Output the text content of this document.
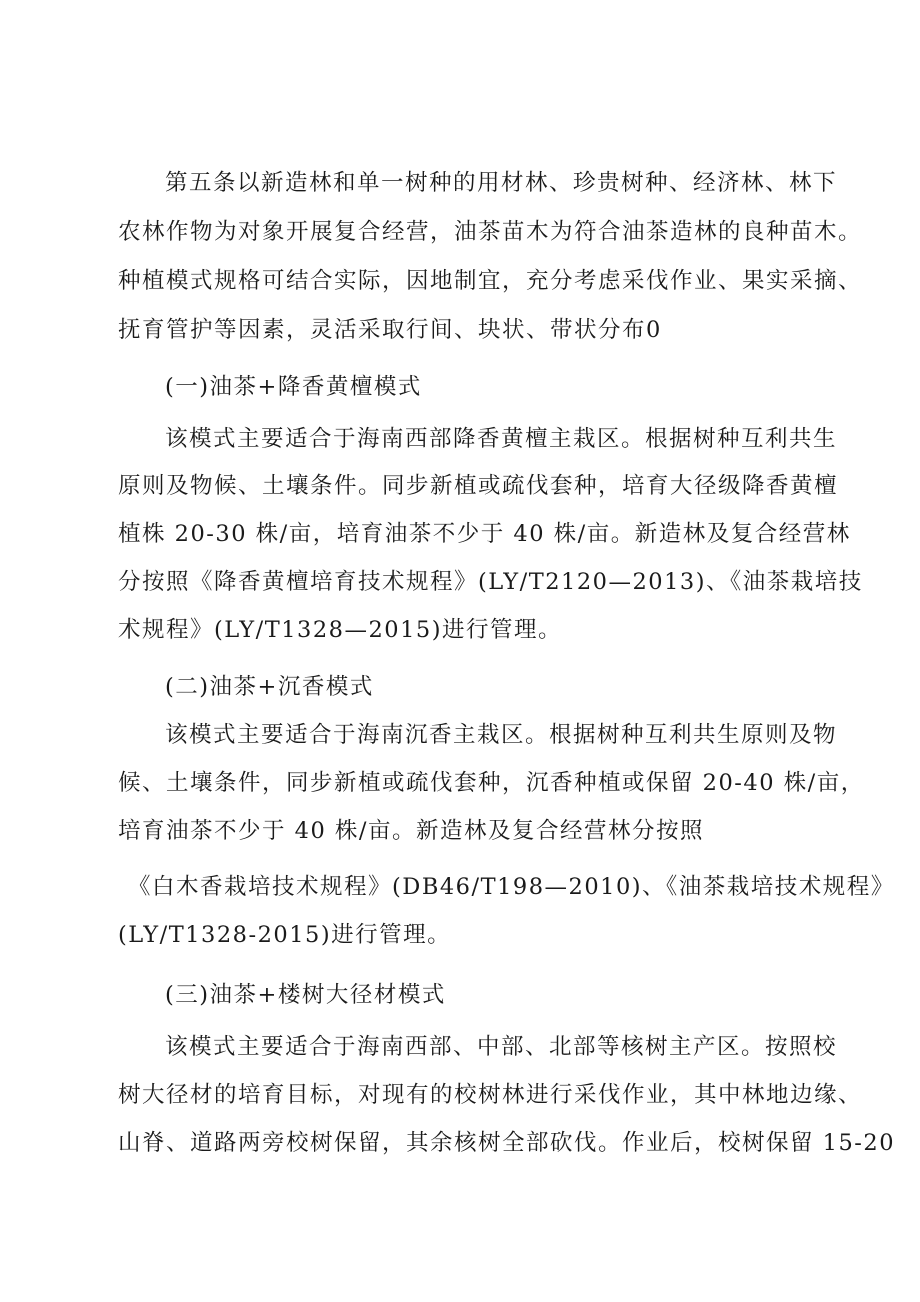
第五条以新造林和单一树种的用材林、珍贵树种、经济林、林下
农林作物为对象开展复合经营，油茶苗木为符合油茶造林的良种苗木。
种植模式规格可结合实际，因地制宜，充分考虑采伐作业、果实采摘、
抚育管护等因素，灵活采取行间、块状、带状分布0
(一)油茶+降香黄檀模式
该模式主要适合于海南西部降香黄檀主栽区。根据树种互利共生
原则及物候、土壤条件。同步新植或疏伐套种，培育大径级降香黄檀
植株 20-30 株/亩，培育油茶不少于 40 株/亩。新造林及复合经营林
分按照《降香黄檀培育技术规程》(LY/T2120—2013)、《油茶栽培技
术规程》(LY/T1328—2015)进行管理。
(二)油茶+沉香模式
该模式主要适合于海南沉香主栽区。根据树种互利共生原则及物
候、土壤条件，同步新植或疏伐套种，沉香种植或保留 20-40 株/亩，
培育油茶不少于 40 株/亩。新造林及复合经营林分按照
《白木香栽培技术规程》(DB46/T198—2010)、《油茶栽培技术规程》
(LY/T1328-2015)进行管理。
(三)油茶+楼树大径材模式
该模式主要适合于海南西部、中部、北部等核树主产区。按照校
树大径材的培育目标，对现有的校树林进行采伐作业，其中林地边缘、
山脊、道路两旁校树保留，其余核树全部砍伐。作业后，校树保留 15-20
